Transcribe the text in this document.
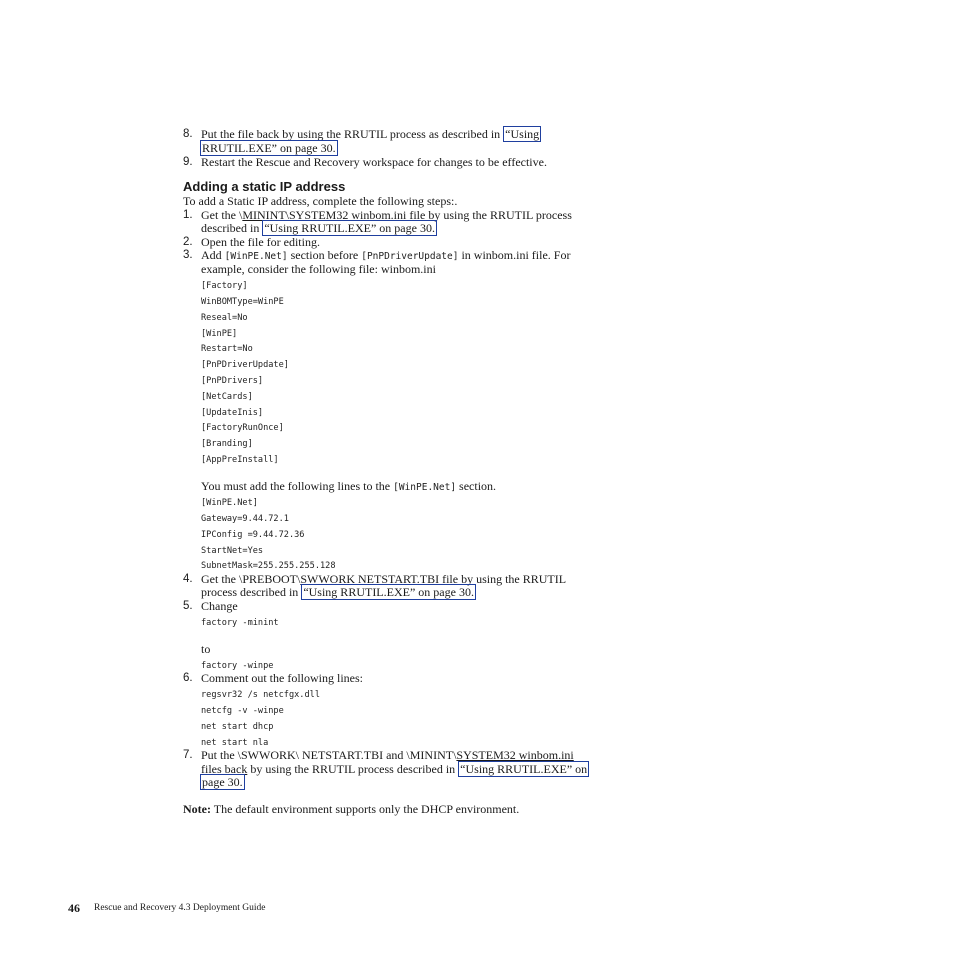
8. Put the file back by using the RRUTIL process as described in “Using
RRUTIL.EXE” on page 30.
9. Restart the Rescue and Recovery workspace for changes to be effective.
Adding a static IP address
To add a Static IP address, complete the following steps:.
1. Get the \MININT\SYSTEM32 winbom.ini file by using the RRUTIL process
described in “Using RRUTIL.EXE” on page 30.
2. Open the file for editing.
3. Add [WinPE.Net] section before [PnPDriverUpdate] in winbom.ini file. For
example, consider the following file: winbom.ini
[Factory]
WinBOMType=WinPE
Reseal=No
[WinPE]
Restart=No
[PnPDriverUpdate]
[PnPDrivers]
[NetCards]
[UpdateInis]
[FactoryRunOnce]
[Branding]
[AppPreInstall]
You must add the following lines to the [WinPE.Net] section.
[WinPE.Net]
Gateway=9.44.72.1
IPConfig =9.44.72.36
StartNet=Yes
SubnetMask=255.255.255.128
4. Get the \PREBOOT\SWWORK NETSTART.TBI file by using the RRUTIL
process described in “Using RRUTIL.EXE” on page 30.
5. Change
factory -minint
to
factory -winpe
6. Comment out the following lines:
regsvr32 /s netcfgx.dll
netcfg -v -winpe
net start dhcp
net start nla
7. Put the \SWWORK\ NETSTART.TBI and \MININT\SYSTEM32 winbom.ini
files back by using the RRUTIL process described in “Using RRUTIL.EXE” on
page 30.
Note: The default environment supports only the DHCP environment.
46 Rescue and Recovery 4.3 Deployment Guide
